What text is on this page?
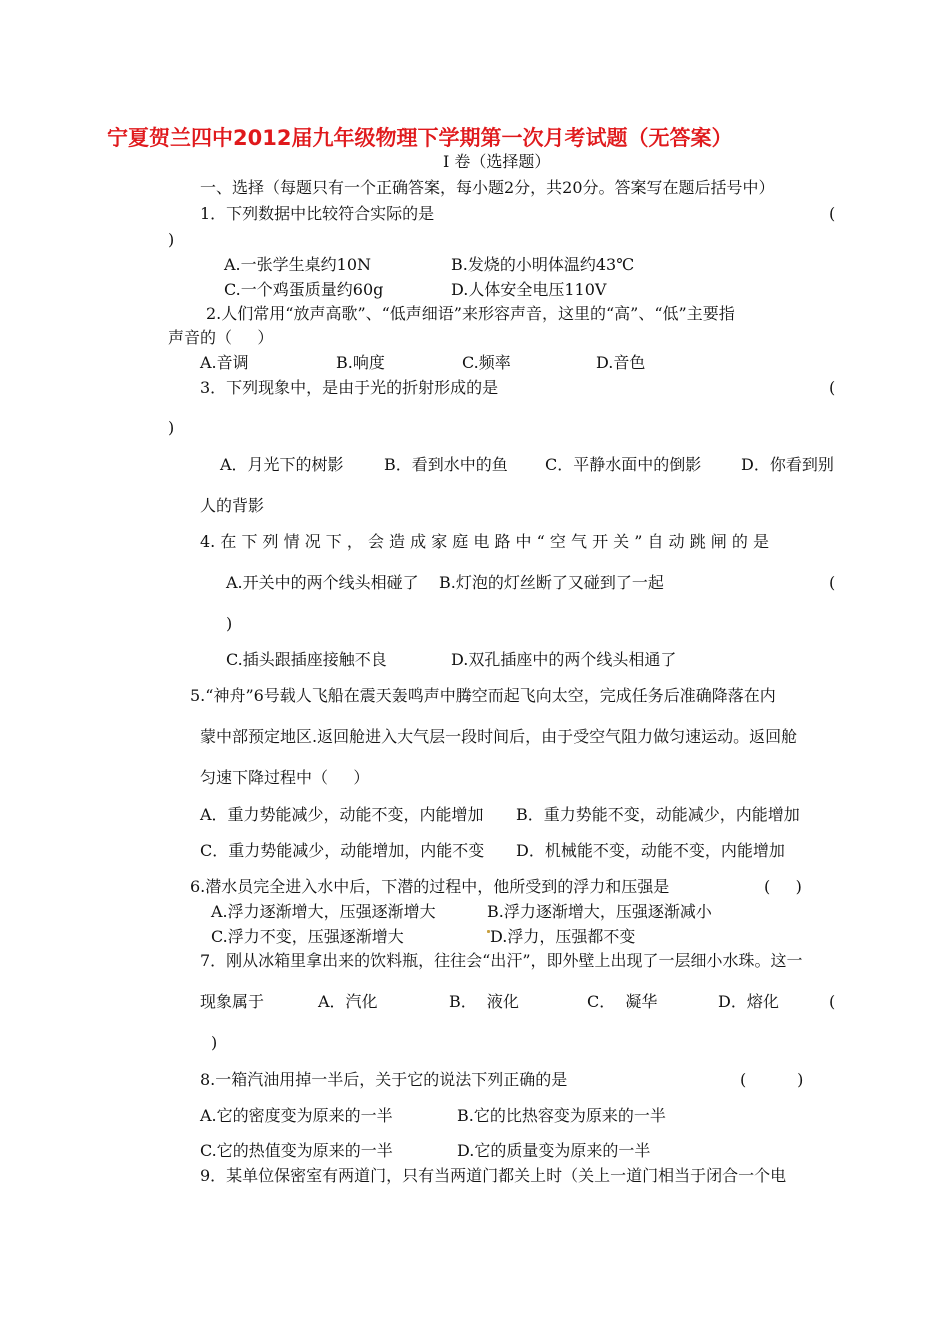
宁夏贺兰四中2012届九年级物理下学期第一次月考试题（无答案）
Ⅰ 卷（选择题）
一、选择（每题只有一个正确答案，每小题2分，共20分。答案写在题后括号中）
1．下列数据中比较符合实际的是	(
)
A.一张学生桌约10N	B.发烧的小明体温约43℃
C.一个鸡蛋质量约60g	D.人体安全电压110V
2.人们常用“放声高歌”、“低声细语”来形容声音，这里的“高”、“低”主要指
声音的（     ）
A.音调	B.响度	C.频率	D.音色
3．下列现象中，是由于光的折射形成的是	(
)
A．月光下的树影	B．看到水中的鱼 C．平静水面中的倒影 D．你看到别
人的背影
4. 在 下 列 情 况 下 ， 会 造 成 家 庭 电 路 中 “ 空 气 开 关 ” 自 动 跳 闸 的 是
A.开关中的两个线头相碰了    B.灯泡的灯丝断了又碰到了一起	(
)
C.插头跟插座接触不良	D.双孔插座中的两个线头相通了
5.“神舟”6号载人飞船在震天轰鸣声中腾空而起飞向太空，完成任务后准确降落在内
蒙中部预定地区.返回舱进入大气层一段时间后，由于受空气阻力做匀速运动。返回舱
匀速下降过程中（     ）
A．重力势能减少，动能不变，内能增加 B．重力势能不变，动能减少，内能增加
C．重力势能减少，动能增加，内能不变 D．机械能不变，动能不变，内能增加
6.潜水员完全进入水中后，下潜的过程中，他所受到的浮力和压强是	(     )
A.浮力逐渐增大，压强逐渐增大	B.浮力逐渐增大，压强逐渐减小
C.浮力不变，压强逐渐增大	D.浮力，压强都不变
7．刚从冰箱里拿出来的饮料瓶，往往会“出汗”，即外壁上出现了一层细小水珠。这一
现象属于	A．汽化	B．  液化	C．  凝华	D．熔化	(
)
8.一箱汽油用掉一半后，关于它的说法下列正确的是	(          )
A.它的密度变为原来的一半	B.它的比热容变为原来的一半
C.它的热值变为原来的一半	D.它的质量变为原来的一半
9．某单位保密室有两道门，只有当两道门都关上时（关上一道门相当于闭合一个电
